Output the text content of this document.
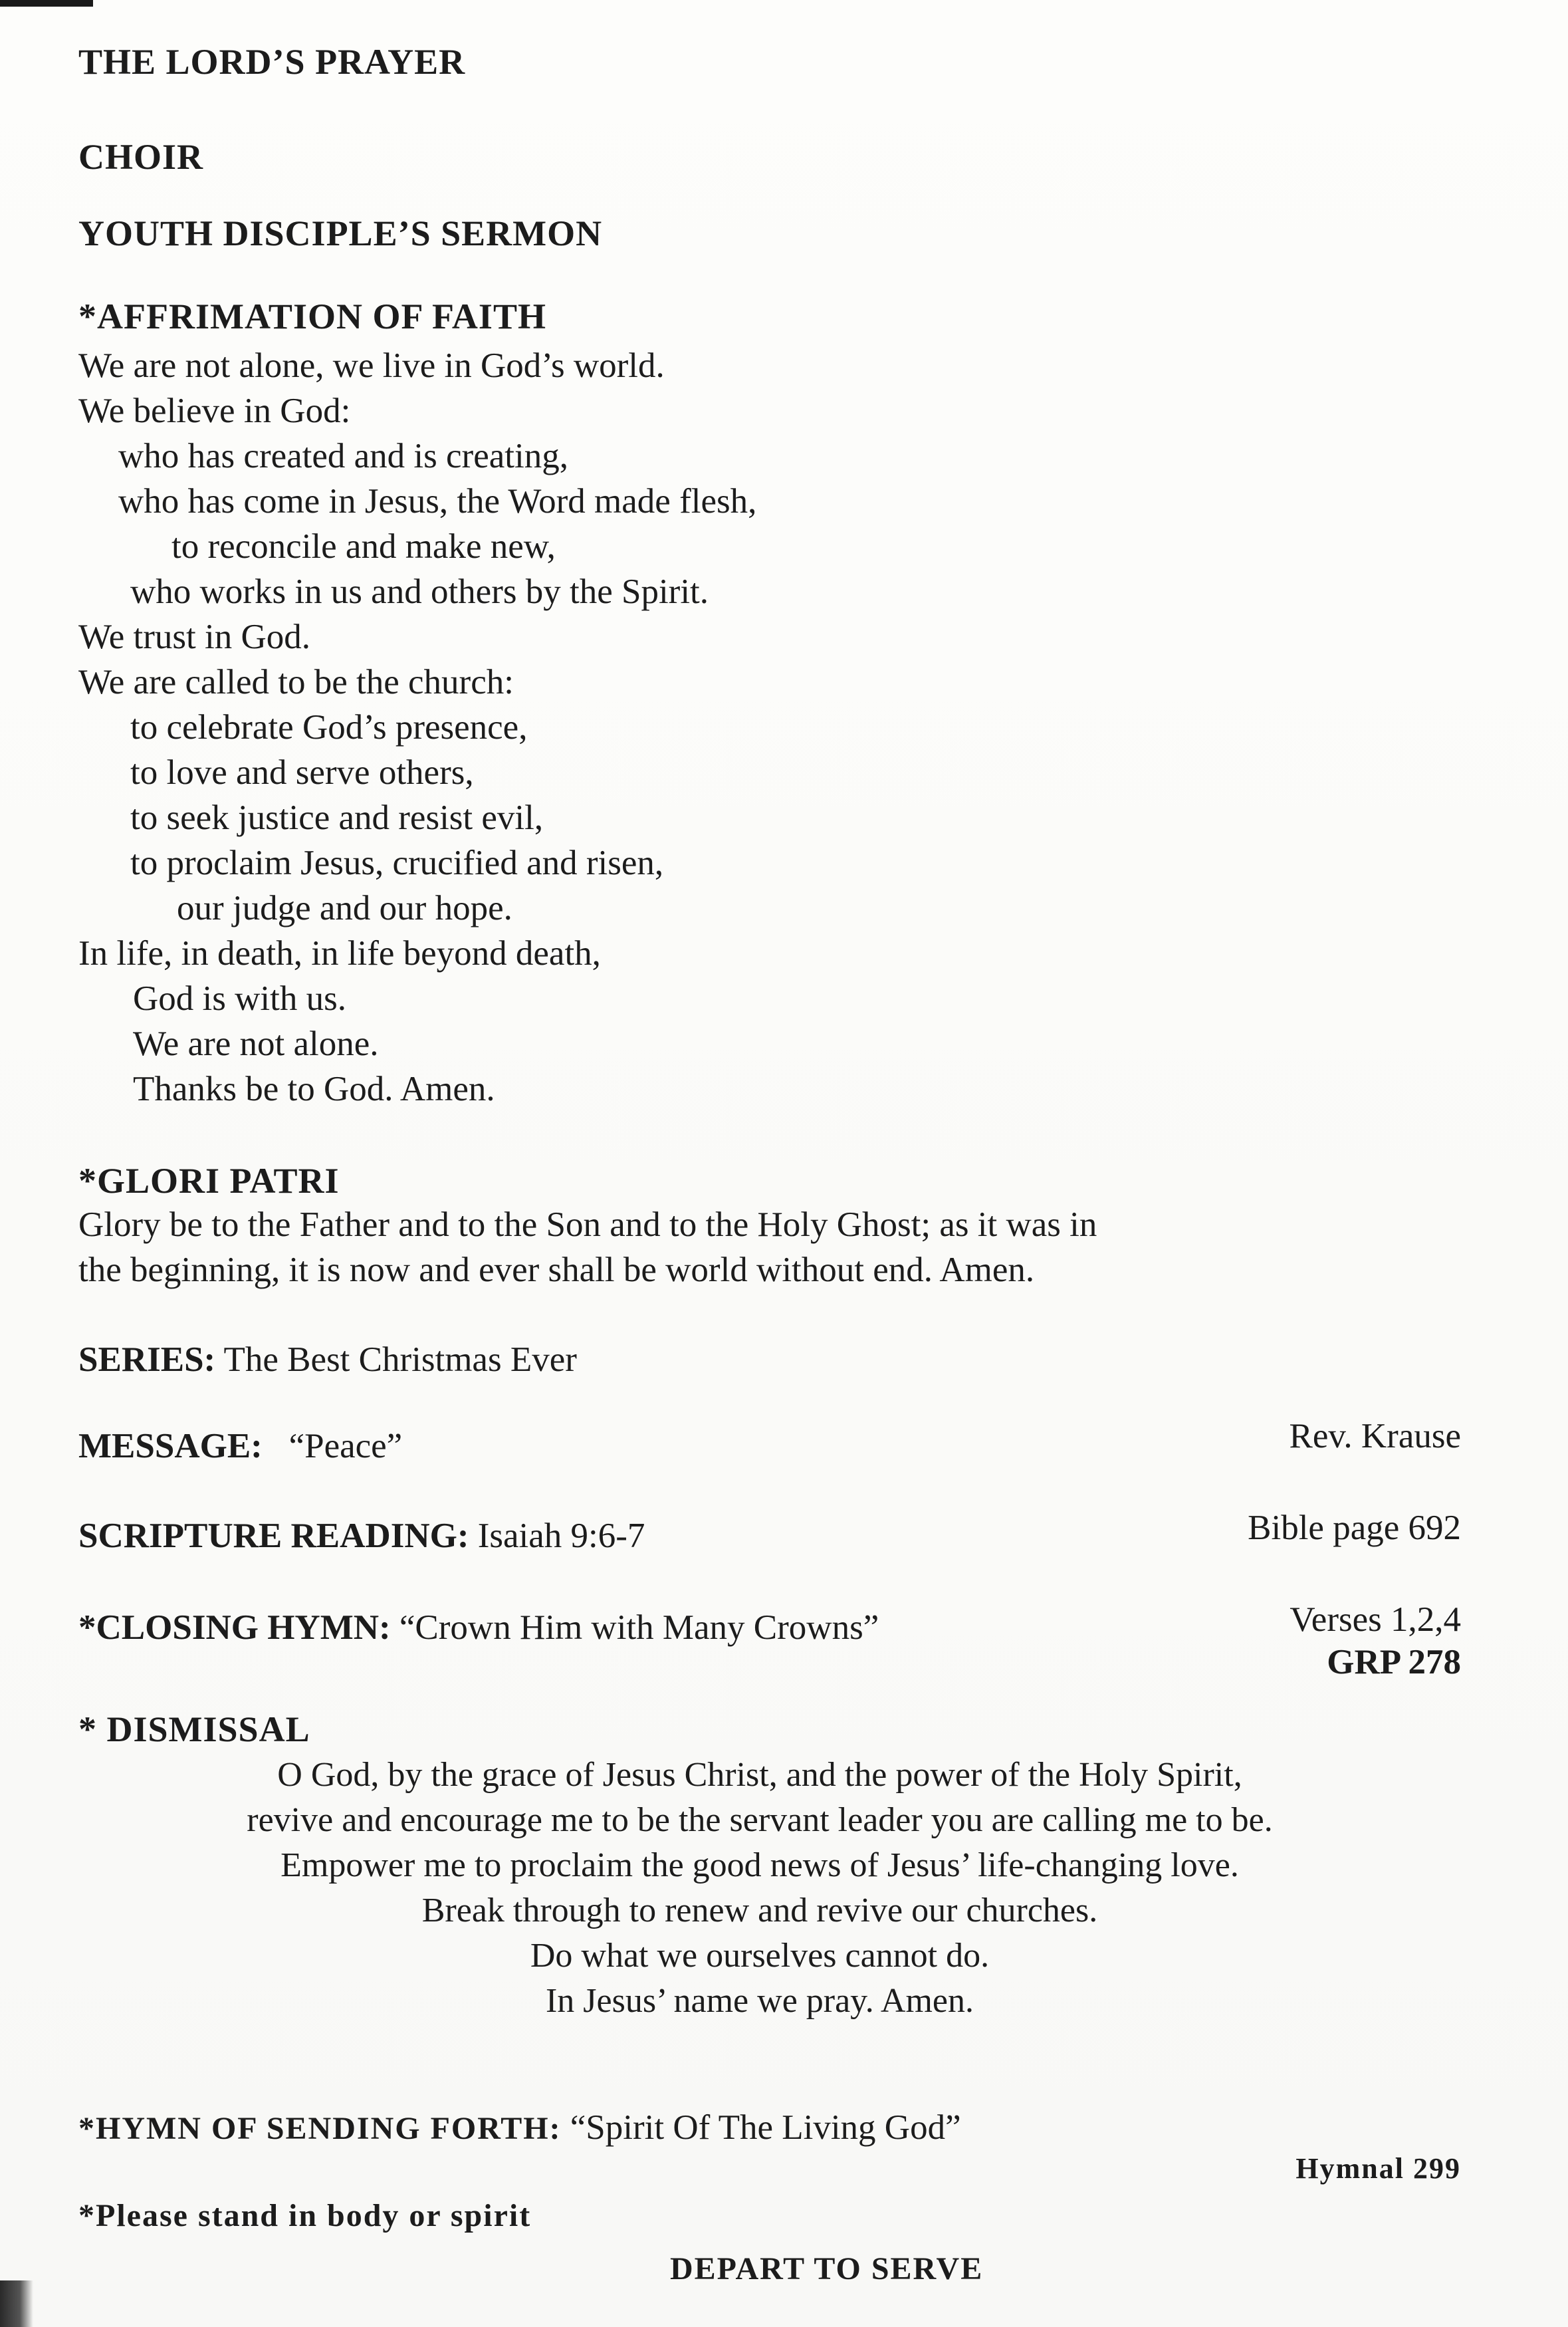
THE LORD’S PRAYER
CHOIR
YOUTH DISCIPLE’S SERMON
*AFFRIMATION OF FAITH
We are not alone, we live in God’s world.
We believe in God:
who has created and is creating,
who has come in Jesus, the Word made flesh,
to reconcile and make new,
who works in us and others by the Spirit.
We trust in God.
We are called to be the church:
to celebrate God’s presence,
to love and serve others,
to seek justice and resist evil,
to proclaim Jesus, crucified and risen,
our judge and our hope.
In life, in death, in life beyond death,
God is with us.
We are not alone.
Thanks be to God. Amen.
*GLORI PATRI
Glory be to the Father and to the Son and to the Holy Ghost; as it was in
the beginning, it is now and ever shall be world without end. Amen.
SERIES: The Best Christmas Ever
MESSAGE: “Peace”	Rev. Krause
SCRIPTURE READING: Isaiah 9:6-7	Bible page 692
*CLOSING HYMN: “Crown Him with Many Crowns”	Verses 1,2,4
GRP 278
* DISMISSAL
O God, by the grace of Jesus Christ, and the power of the Holy Spirit,
revive and encourage me to be the servant leader you are calling me to be.
Empower me to proclaim the good news of Jesus’ life-changing love.
Break through to renew and revive our churches.
Do what we ourselves cannot do.
In Jesus’ name we pray. Amen.
*HYMN OF SENDING FORTH: “Spirit Of The Living God”
Hymnal 299
*Please stand in body or spirit
DEPART TO SERVE
